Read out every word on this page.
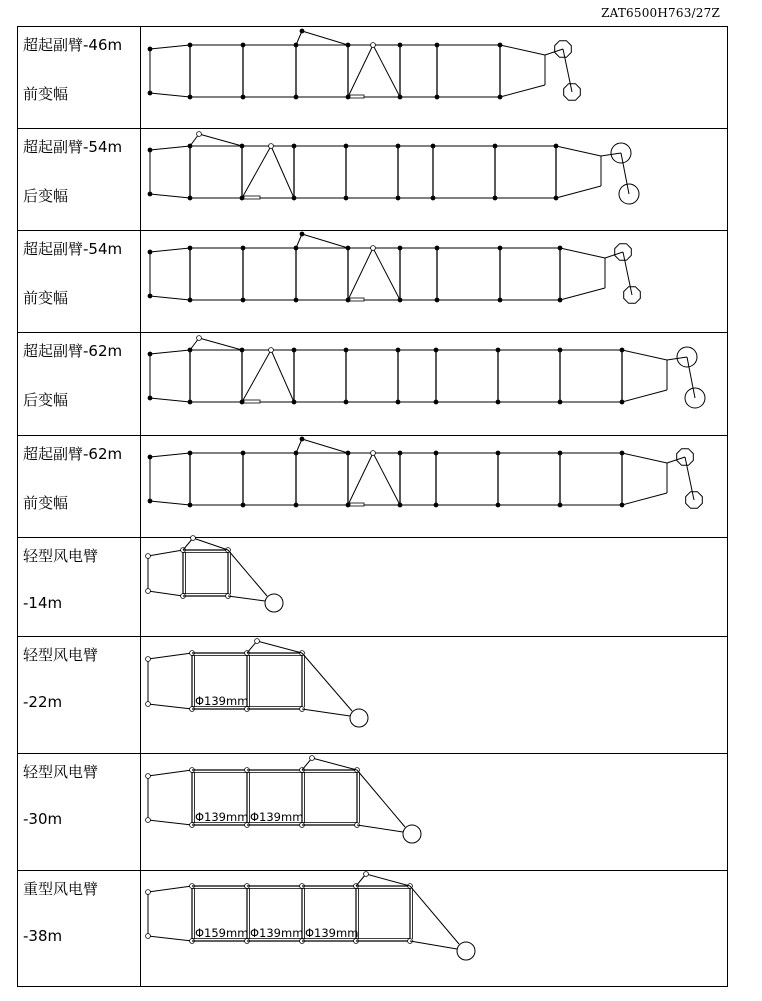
ZAT6500H763/27Z
超起副臂-46m
前变幅
超起副臂-54m
后变幅
超起副臂-54m
前变幅
超起副臂-62m
后变幅
超起副臂-62m
前变幅
轻型风电臂
-14m
轻型风电臂
-22m
轻型风电臂
-30m
重型风电臂
-38m
Φ139mm
Φ139mm Φ139mm
Φ159mm Φ139mm Φ139mm
